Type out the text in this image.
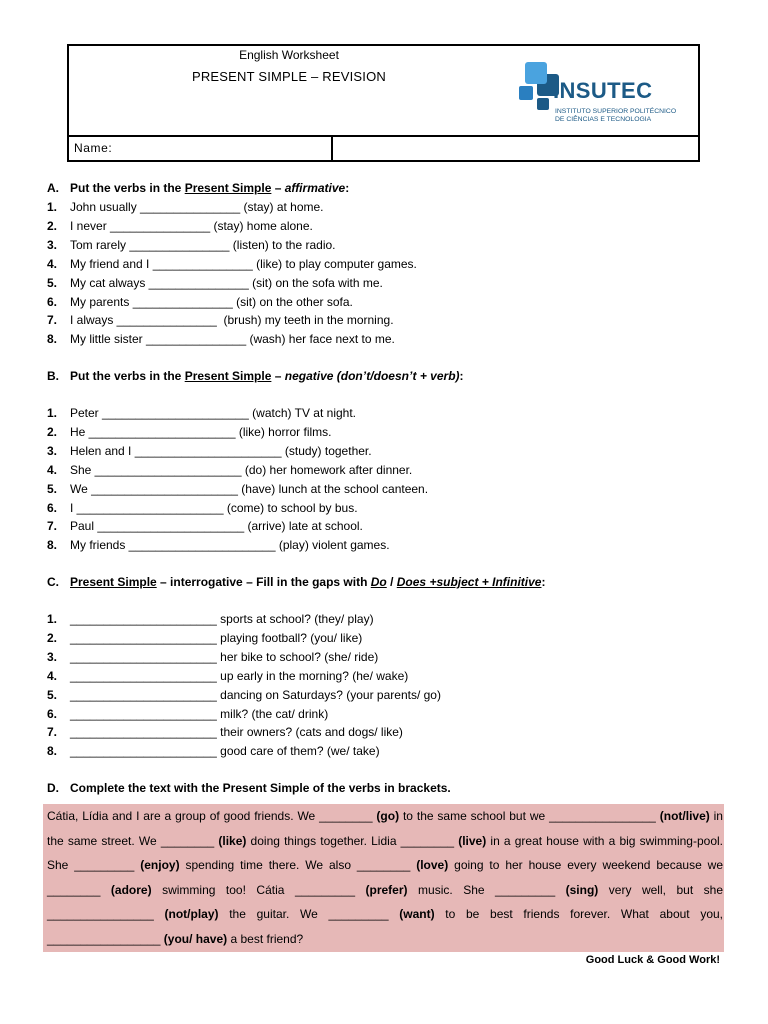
English Worksheet
PRESENT SIMPLE – REVISION
INSUTEC
INSTITUTO SUPERIOR POLITÉCNICO
DE CIÊNCIAS E TECNOLOGIA
Name:
A. Put the verbs in the Present Simple – affirmative:
1. John usually _______________ (stay) at home.
2. I never _______________ (stay) home alone.
3. Tom rarely _______________ (listen) to the radio.
4. My friend and I _______________ (like) to play computer games.
5. My cat always _______________ (sit) on the sofa with me.
6. My parents _______________ (sit) on the other sofa.
7. I always _______________  (brush) my teeth in the morning.
8. My little sister _______________ (wash) her face next to me.
B. Put the verbs in the Present Simple – negative (don’t/doesn’t + verb):
1. Peter ______________________ (watch) TV at night.
2. He ______________________ (like) horror films.
3. Helen and I ______________________ (study) together.
4. She ______________________ (do) her homework after dinner.
5. We ______________________ (have) lunch at the school canteen.
6. I ______________________ (come) to school by bus.
7. Paul ______________________ (arrive) late at school.
8. My friends ______________________ (play) violent games.
C. Present Simple – interrogative – Fill in the gaps with Do / Does +subject + Infinitive:
1. ______________________ sports at school? (they/ play)
2. ______________________ playing football? (you/ like)
3. ______________________ her bike to school? (she/ ride)
4. ______________________ up early in the morning? (he/ wake)
5. ______________________ dancing on Saturdays? (your parents/ go)
6. ______________________ milk? (the cat/ drink)
7. ______________________ their owners? (cats and dogs/ like)
8. ______________________ good care of them? (we/ take)
D. Complete the text with the Present Simple of the verbs in brackets.
Cátia, Lídia and I are a group of good friends. We ________ (go) to the same school but we ________________ (not/live) in the same street. We ________ (like) doing things together. Lidia ________ (live) in a great house with a big swimming-pool. She _________ (enjoy) spending time there. We also ________ (love) going to her house every weekend because we ________ (adore) swimming too! Cátia _________ (prefer) music. She _________ (sing) very well, but she ________________ (not/play) the guitar. We _________ (want) to be best friends forever. What about you, _________________ (you/ have) a best friend?
Good Luck & Good Work!
